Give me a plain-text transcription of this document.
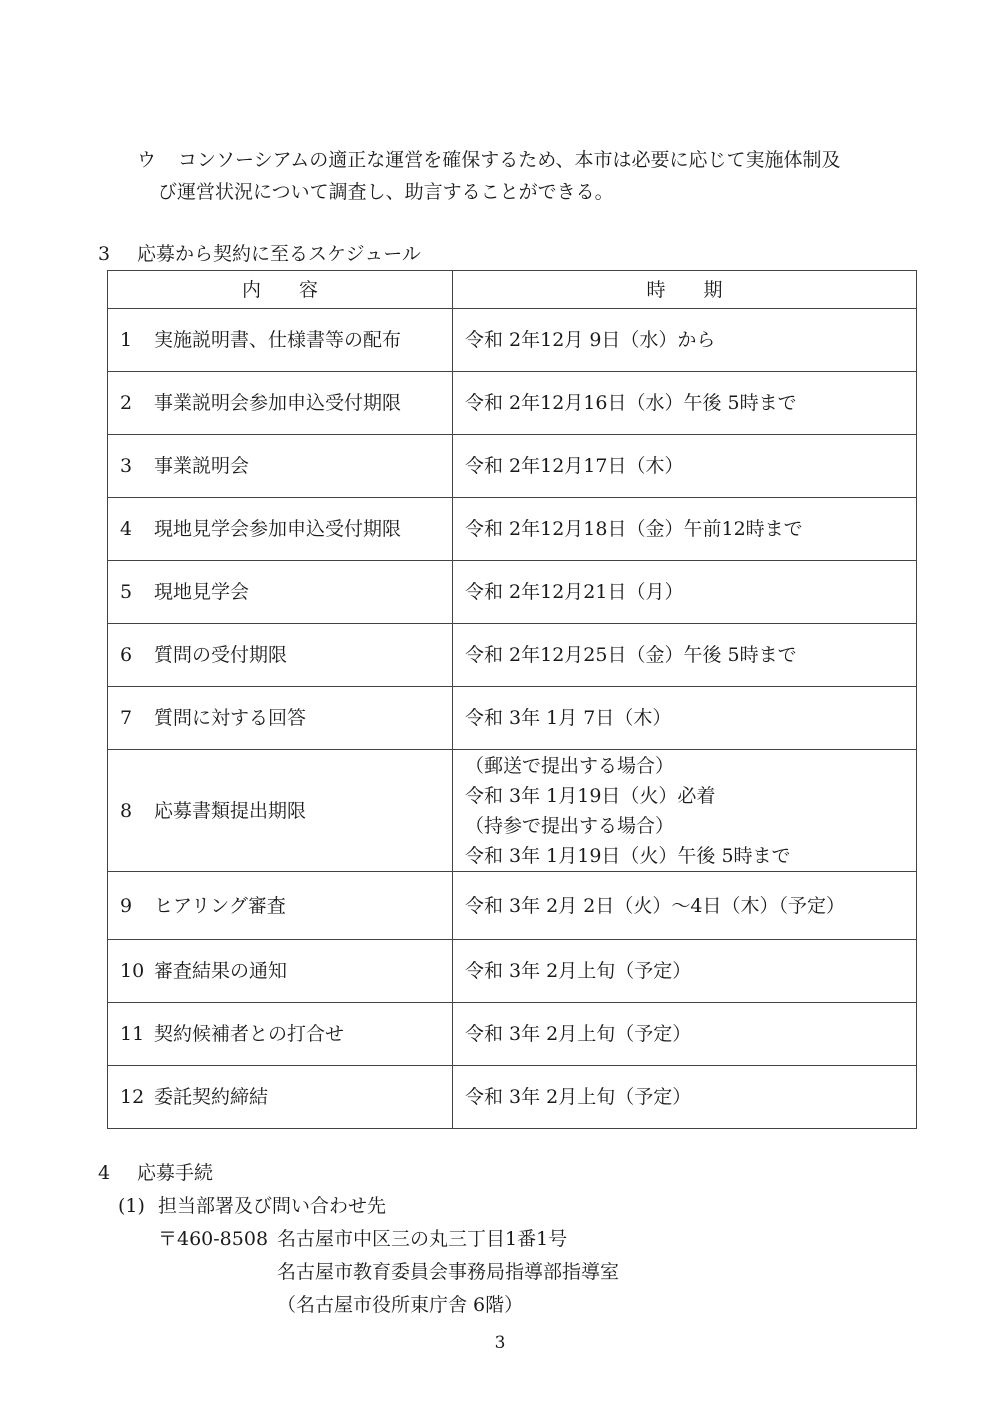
ウ コンソーシアムの適正な運営を確保するため、本市は必要に応じて実施体制及
び運営状況について調査し、助言することができる。
3 応募から契約に至るスケジュール
内　　容	時　　期
1 実施説明書、仕様書等の配布	令和 2年12月 9日（水）から
2 事業説明会参加申込受付期限	令和 2年12月16日（水）午後 5時まで
3 事業説明会	令和 2年12月17日（木）
4 現地見学会参加申込受付期限	令和 2年12月18日（金）午前12時まで
5 現地見学会	令和 2年12月21日（月）
6 質問の受付期限	令和 2年12月25日（金）午後 5時まで
7 質問に対する回答	令和 3年 1月 7日（木）
8 応募書類提出期限	（郵送で提出する場合）
令和 3年 1月19日（火）必着
（持参で提出する場合）
令和 3年 1月19日（火）午後 5時まで

9 ヒアリング審査	令和 3年 2月 2日（火）～4日（木）（予定）
10 審査結果の通知	令和 3年 2月上旬（予定）
11 契約候補者との打合せ	令和 3年 2月上旬（予定）
12 委託契約締結	令和 3年 2月上旬（予定）
4 応募手続
(1) 担当部署及び問い合わせ先
〒460-8508 名古屋市中区三の丸三丁目1番1号
名古屋市教育委員会事務局指導部指導室
（名古屋市役所東庁舎 6階）
3
